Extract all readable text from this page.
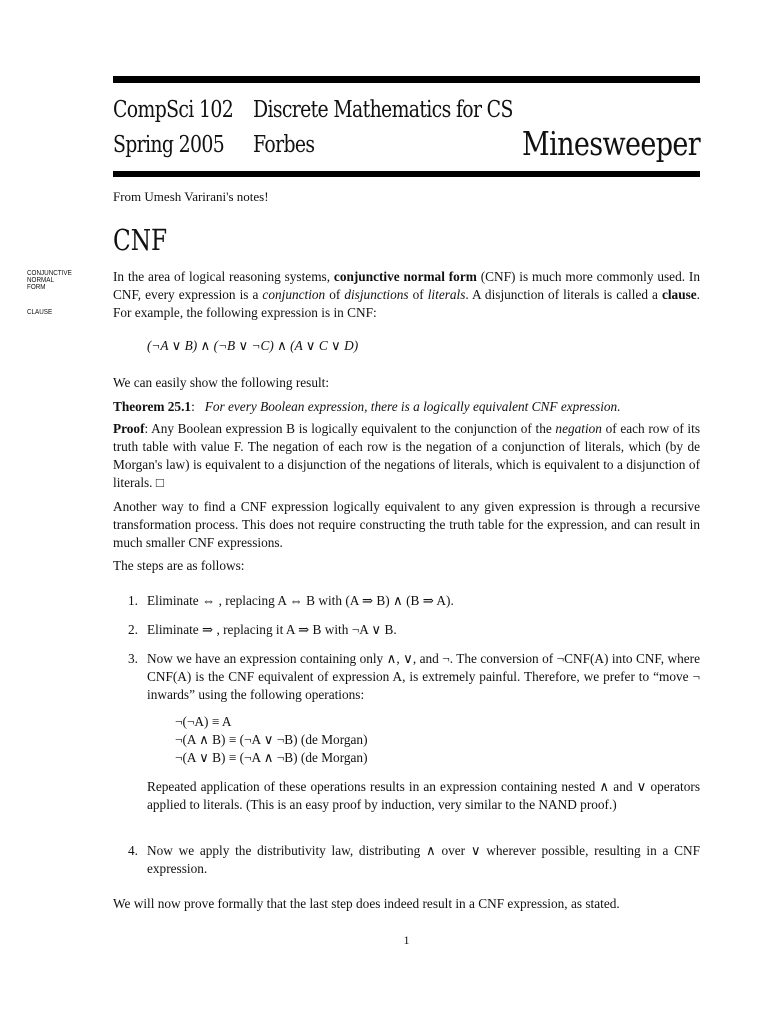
CompSci 102 Discrete Mathematics for CS
Spring 2005 Forbes	Minesweeper
From Umesh Varirani's notes!
CNF
CONJUNCTIVE NORMAL FORM
CLAUSE

In the area of logical reasoning systems, conjunctive normal form (CNF) is much more commonly used. In CNF, every expression is a conjunction of disjunctions of literals. A disjunction of literals is called a clause. For example, the following expression is in CNF:

(¬A ∨ B) ∧ (¬B ∨ ¬C) ∧ (A ∨ C ∨ D)
We can easily show the following result:

Theorem 25.1:   For every Boolean expression, there is a logically equivalent CNF expression.

Proof: Any Boolean expression B is logically equivalent to the conjunction of the negation of each row of its truth table with value F. The negation of each row is the negation of a conjunction of literals, which (by de Morgan's law) is equivalent to a disjunction of the negations of literals, which is equivalent to a disjunction of literals. □

Another way to find a CNF expression logically equivalent to any given expression is through a recursive transformation process. This does not require constructing the truth table for the expression, and can result in much smaller CNF expressions.
The steps are as follows:
1. Eliminate ⇔ , replacing A ⇔ B with (A ⇒ B) ∧ (B ⇒ A).
2. Eliminate ⇒ , replacing it A ⇒ B with ¬A ∨ B.
3. Now we have an expression containing only ∧, ∨, and ¬. The conversion of ¬CNF(A) into CNF, where CNF(A) is the CNF equivalent of expression A, is extremely painful. Therefore, we prefer to “move ¬ inwards” using the following operations:
Repeated application of these operations results in an expression containing nested ∧ and ∨ operators applied to literals. (This is an easy proof by induction, very similar to the NAND proof.)
4. Now we apply the distributivity law, distributing ∧ over ∨ wherever possible, resulting in a CNF expression.
¬(¬A) ≡ A
¬(A ∧ B) ≡ (¬A ∨ ¬B) (de Morgan)
¬(A ∨ B) ≡ (¬A ∧ ¬B) (de Morgan)
We will now prove formally that the last step does indeed result in a CNF expression, as stated.
1
